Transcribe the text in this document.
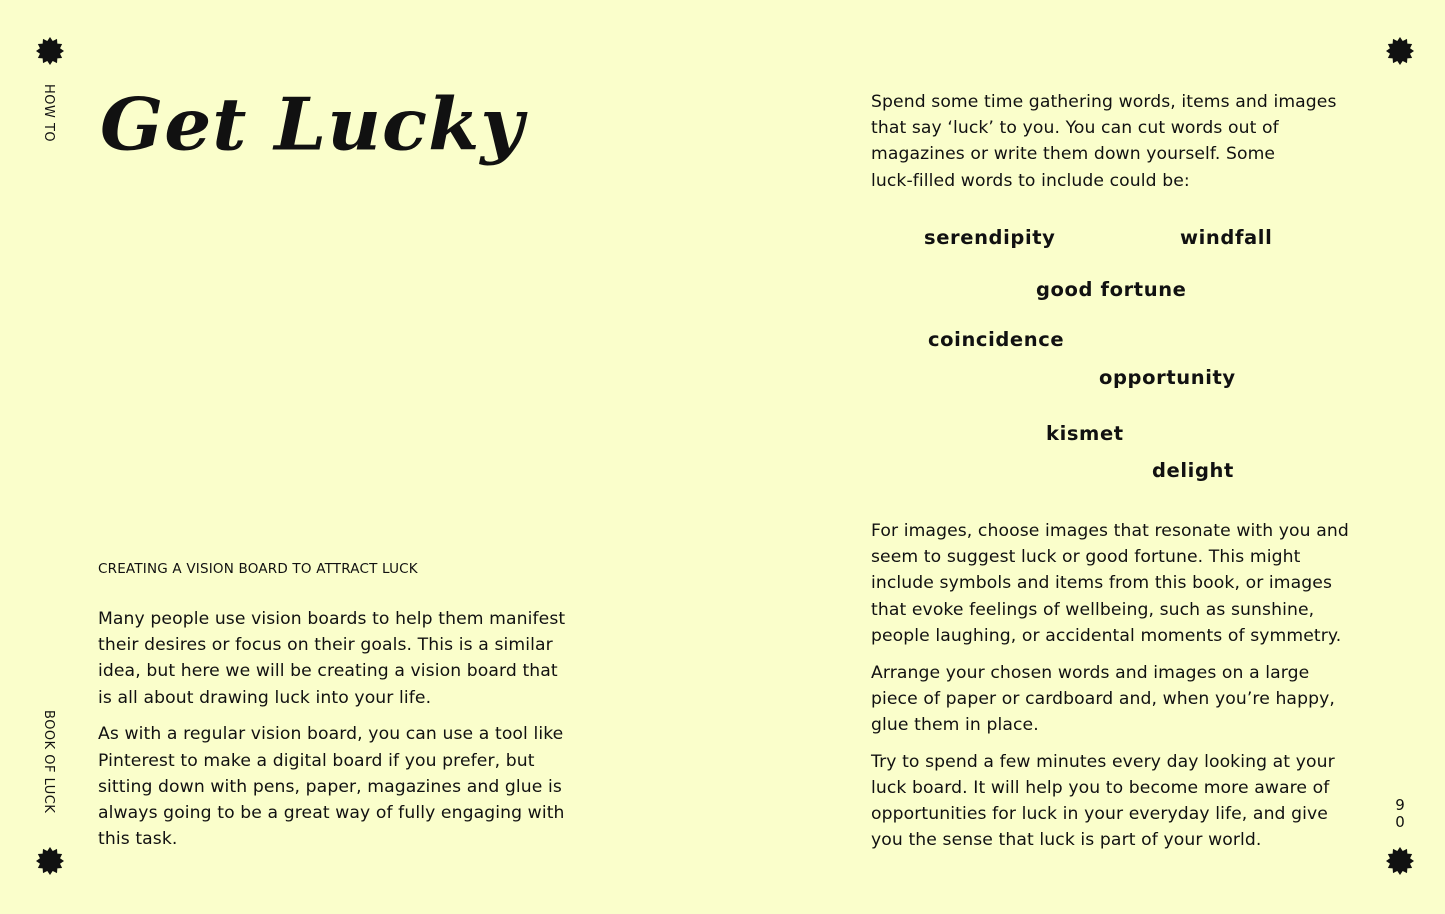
HOW TO
BOOK OF LUCK	9
0
Get Lucky
CREATING A VISION BOARD TO ATTRACT LUCK

Many people use vision boards to help them manifest
their desires or focus on their goals. This is a similar
idea, but here we will be creating a vision board that
is all about drawing luck into your life.

As with a regular vision board, you can use a tool like
Pinterest to make a digital board if you prefer, but
sitting down with pens, paper, magazines and glue is
always going to be a great way of fully engaging with
this task.

Spend some time gathering words, items and images
that say ‘luck’ to you. You can cut words out of
magazines or write them down yourself. Some
luck-filled words to include could be:

serendipity	windfall
good fortune
coincidence
opportunity
kismet
delight

For images, choose images that resonate with you and
seem to suggest luck or good fortune. This might
include symbols and items from this book, or images
that evoke feelings of wellbeing, such as sunshine,
people laughing, or accidental moments of symmetry.

Arrange your chosen words and images on a large
piece of paper or cardboard and, when you’re happy,
glue them in place.

Try to spend a few minutes every day looking at your
luck board. It will help you to become more aware of
opportunities for luck in your everyday life, and give
you the sense that luck is part of your world.
